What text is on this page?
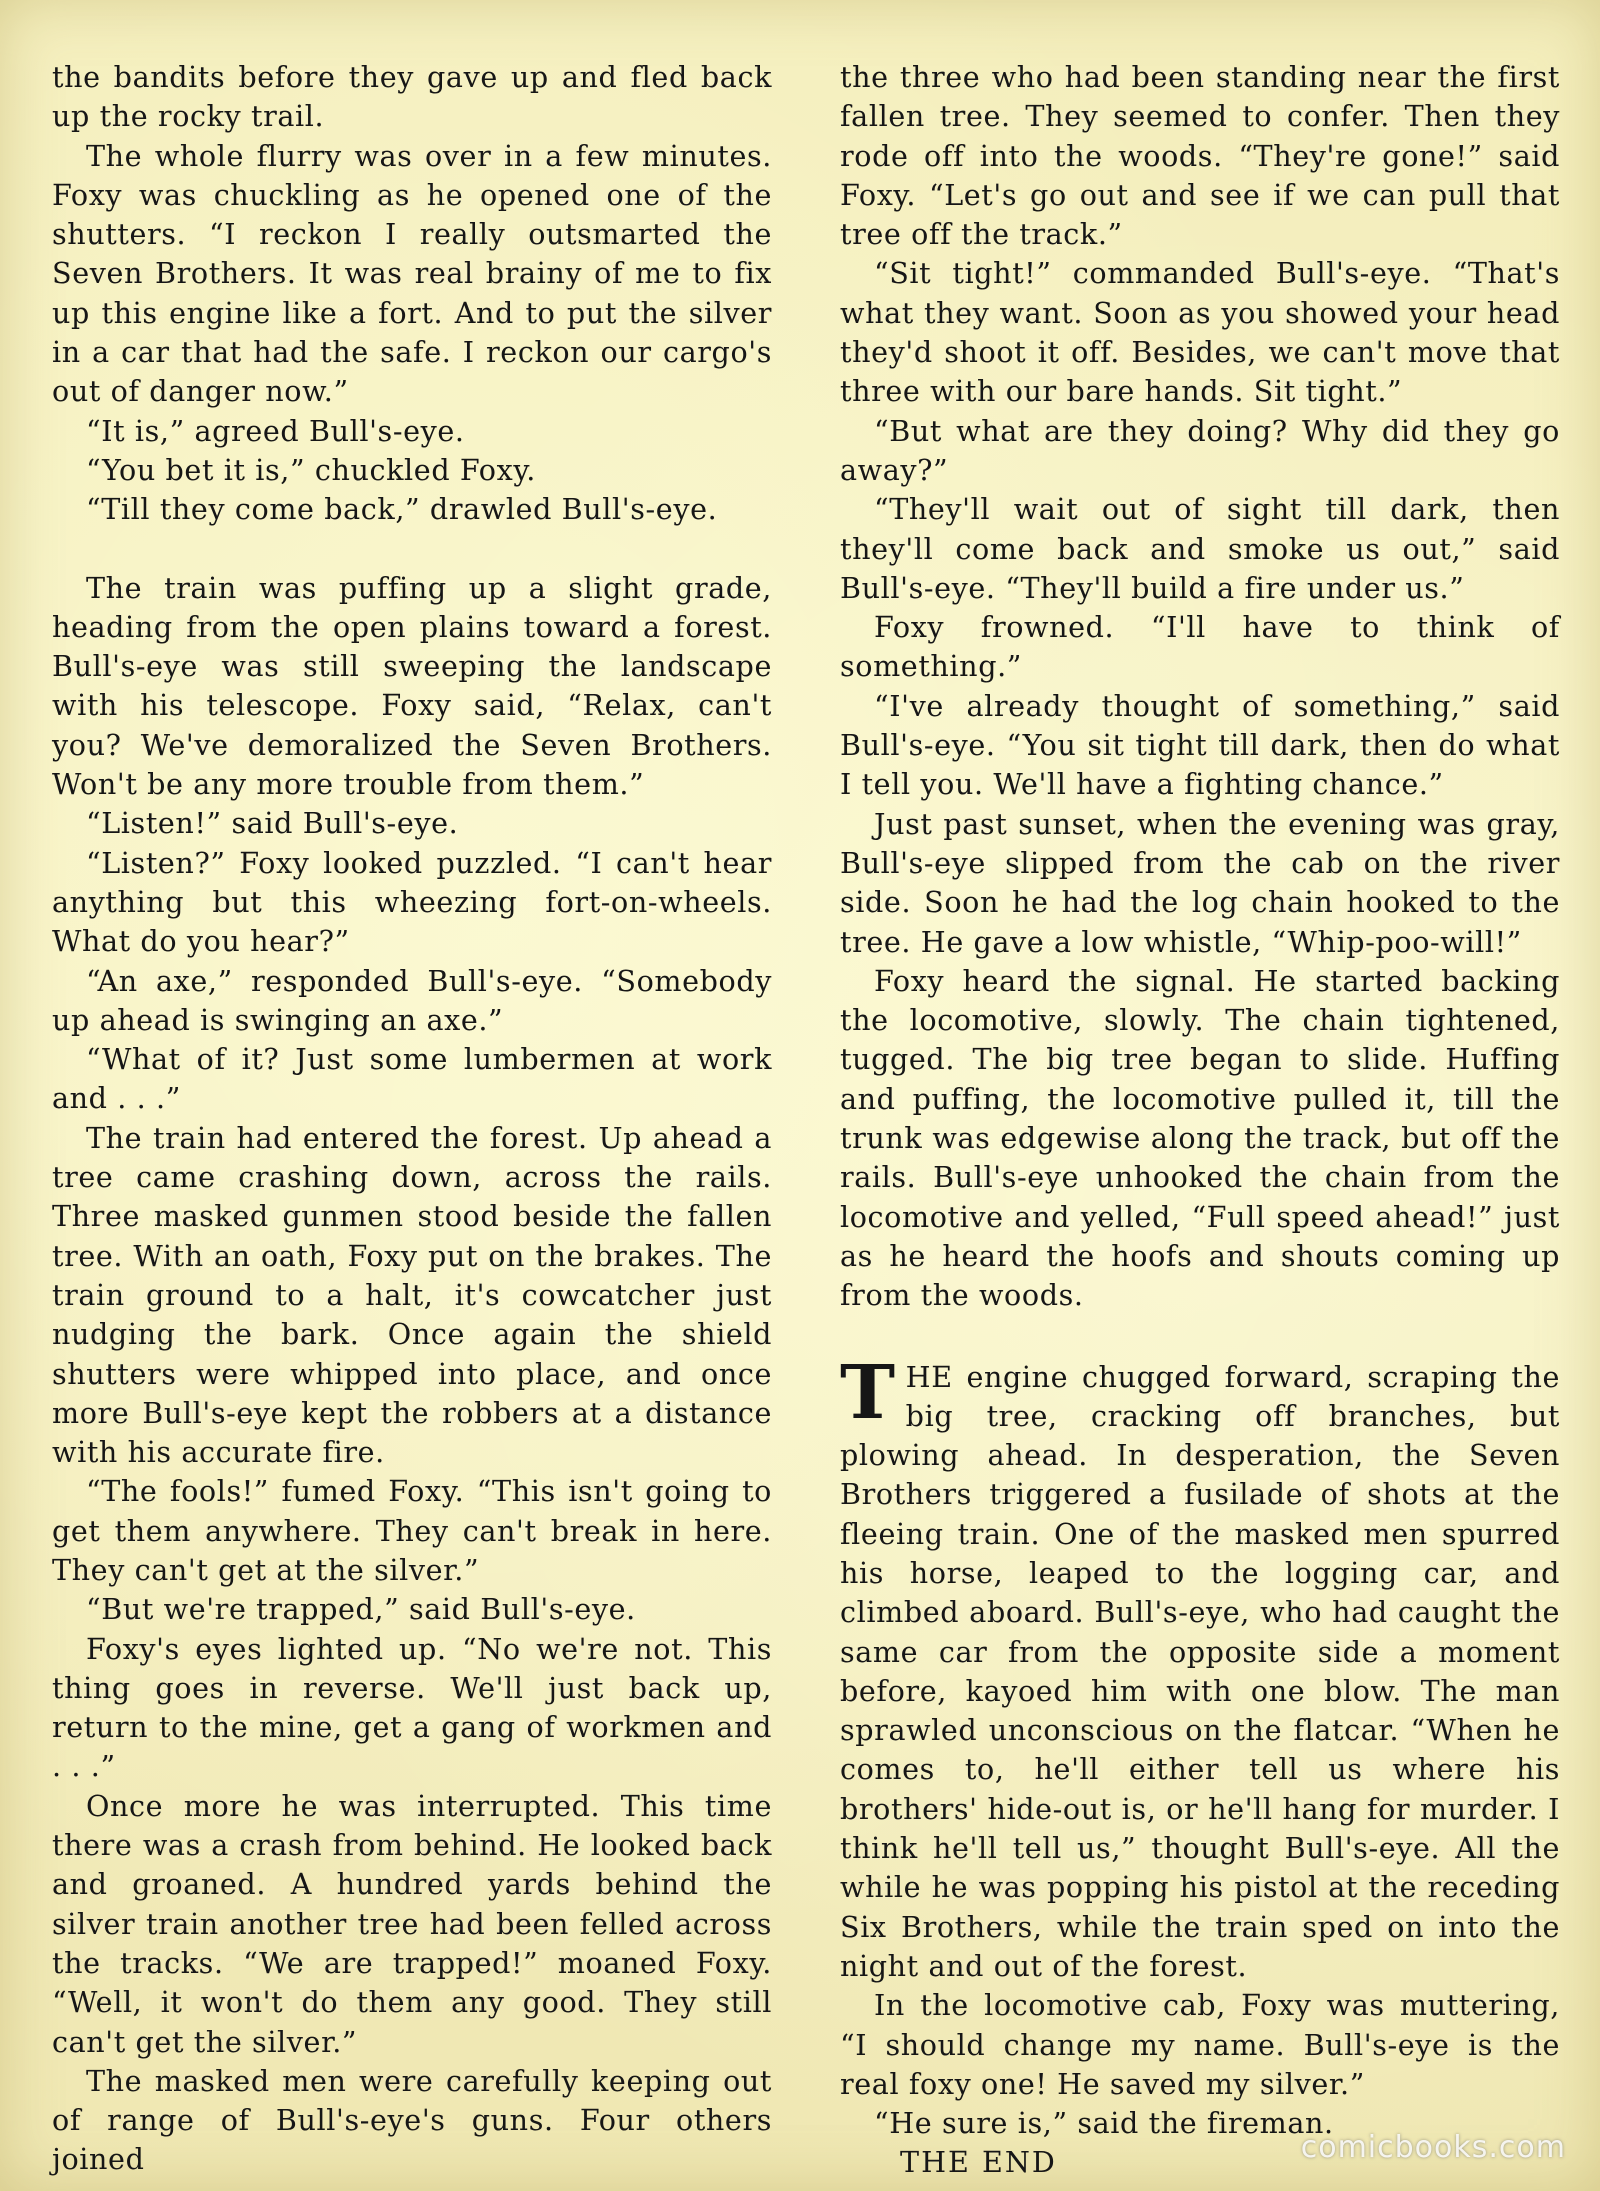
the bandits before they gave up and fled back up the rocky trail.

The whole flurry was over in a few minutes. Foxy was chuckling as he opened one of the shutters. “I reckon I really outsmarted the Seven Brothers. It was real brainy of me to fix up this engine like a fort. And to put the silver in a car that had the safe. I reckon our cargo's out of danger now.”

“It is,” agreed Bull's-eye.

“You bet it is,” chuckled Foxy.

“Till they come back,” drawled Bull's-eye.

The train was puffing up a slight grade, heading from the open plains toward a forest. Bull's-eye was still sweeping the landscape with his telescope. Foxy said, “Relax, can't you? We've demoralized the Seven Brothers. Won't be any more trouble from them.”

“Listen!” said Bull's-eye.

“Listen?” Foxy looked puzzled. “I can't hear anything but this wheezing fort-on-wheels. What do you hear?”

“An axe,” responded Bull's-eye. “Somebody up ahead is swinging an axe.”

“What of it? Just some lumbermen at work and . . .”

The train had entered the forest. Up ahead a tree came crashing down, across the rails. Three masked gunmen stood beside the fallen tree. With an oath, Foxy put on the brakes. The train ground to a halt, it's cowcatcher just nudging the bark. Once again the shield shutters were whipped into place, and once more Bull's-eye kept the robbers at a distance with his accurate fire.

“The fools!” fumed Foxy. “This isn't going to get them anywhere. They can't break in here. They can't get at the silver.”

“But we're trapped,” said Bull's-eye.

Foxy's eyes lighted up. “No we're not. This thing goes in reverse. We'll just back up, return to the mine, get a gang of workmen and . . .”

Once more he was interrupted. This time there was a crash from behind. He looked back and groaned. A hundred yards behind the silver train another tree had been felled across the tracks. “We are trapped!” moaned Foxy. “Well, it won't do them any good. They still can't get the silver.”

The masked men were carefully keeping out of range of Bull's-eye's guns. Four others joined

the three who had been standing near the first fallen tree. They seemed to confer. Then they rode off into the woods. “They're gone!” said Foxy. “Let's go out and see if we can pull that tree off the track.”

“Sit tight!” commanded Bull's-eye. “That's what they want. Soon as you showed your head they'd shoot it off. Besides, we can't move that three with our bare hands. Sit tight.”

“But what are they doing? Why did they go away?”

“They'll wait out of sight till dark, then they'll come back and smoke us out,” said Bull's-eye. “They'll build a fire under us.”

Foxy frowned. “I'll have to think of something.”

“I've already thought of something,” said Bull's-eye. “You sit tight till dark, then do what I tell you. We'll have a fighting chance.”

Just past sunset, when the evening was gray, Bull's-eye slipped from the cab on the river side. Soon he had the log chain hooked to the tree. He gave a low whistle, “Whip-poo-will!”

Foxy heard the signal. He started backing the locomotive, slowly. The chain tightened, tugged. The big tree began to slide. Huffing and puffing, the locomotive pulled it, till the trunk was edgewise along the track, but off the rails. Bull's-eye unhooked the chain from the locomotive and yelled, “Full speed ahead!” just as he heard the hoofs and shouts coming up from the woods.

THE engine chugged forward, scraping the big tree, cracking off branches, but plowing ahead. In desperation, the Seven Brothers triggered a fusilade of shots at the fleeing train. One of the masked men spurred his horse, leaped to the logging car, and climbed aboard. Bull's-eye, who had caught the same car from the opposite side a moment before, kayoed him with one blow. The man sprawled unconscious on the flatcar. “When he comes to, he'll either tell us where his brothers' hide-out is, or he'll hang for murder. I think he'll tell us,” thought Bull's-eye. All the while he was popping his pistol at the receding Six Brothers, while the train sped on into the night and out of the forest.

In the locomotive cab, Foxy was muttering, “I should change my name. Bull's-eye is the real foxy one! He saved my silver.”

“He sure is,” said the fireman.

THE END	comicbooks.com
